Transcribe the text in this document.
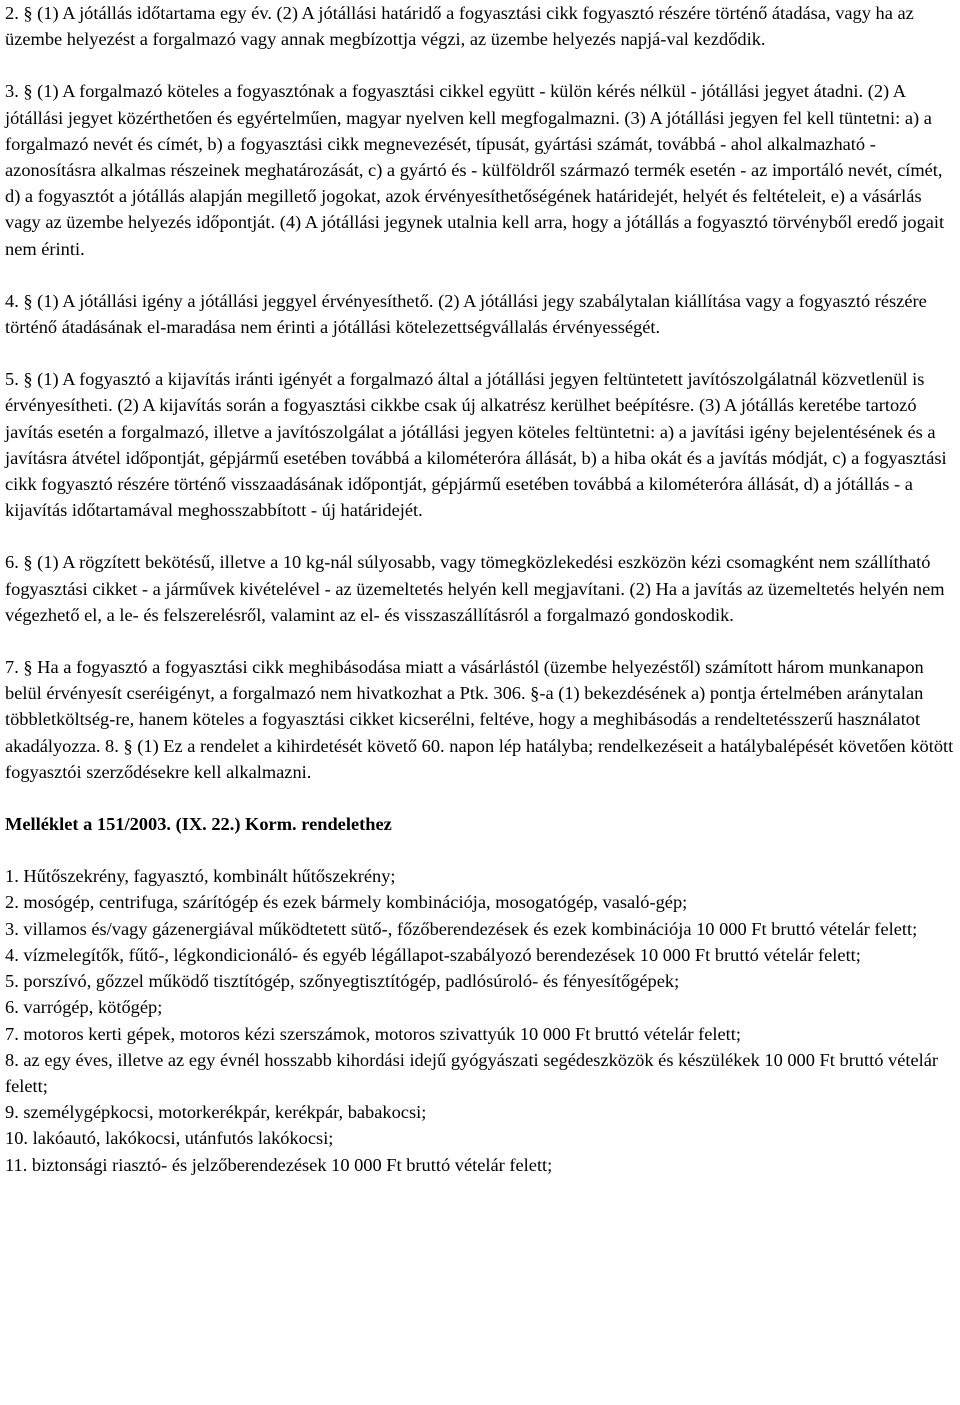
2. § (1) A jótállás időtartama egy év. (2) A jótállási határidő a fogyasztási cikk fogyasztó részére történő átadása, vagy ha az üzembe helyezést a forgalmazó vagy annak megbízottja végzi, az üzembe helyezés napjá-val kezdődik.

3. § (1) A forgalmazó köteles a fogyasztónak a fogyasztási cikkel együtt - külön kérés nélkül - jótállási jegyet átadni. (2) A jótállási jegyet közérthetően és egyértelműen, magyar nyelven kell megfogalmazni. (3) A jótállási jegyen fel kell tüntetni: a) a forgalmazó nevét és címét, b) a fogyasztási cikk megnevezését, típusát, gyártási számát, továbbá - ahol alkalmazható - azonosításra alkalmas részeinek meghatározását, c) a gyártó és - külföldről származó termék esetén - az importáló nevét, címét, d) a fogyasztót a jótállás alapján megillető jogokat, azok érvényesíthetőségének határidejét, helyét és feltételeit, e) a vásárlás vagy az üzembe helyezés időpontját. (4) A jótállási jegynek utalnia kell arra, hogy a jótállás a fogyasztó törvényből eredő jogait nem érinti.

4. § (1) A jótállási igény a jótállási jeggyel érvényesíthető. (2) A jótállási jegy szabálytalan kiállítása vagy a fogyasztó részére történő átadásának el-maradása nem érinti a jótállási kötelezettségvállalás érvényességét.

5. § (1) A fogyasztó a kijavítás iránti igényét a forgalmazó által a jótállási jegyen feltüntetett javítószolgálatnál közvetlenül is érvényesítheti. (2) A kijavítás során a fogyasztási cikkbe csak új alkatrész kerülhet beépítésre. (3) A jótállás keretébe tartozó javítás esetén a forgalmazó, illetve a javítószolgálat a jótállási jegyen köteles feltüntetni: a) a javítási igény bejelentésének és a javításra átvétel időpontját, gépjármű esetében továbbá a kilométeróra állását, b) a hiba okát és a javítás módját, c) a fogyasztási cikk fogyasztó részére történő visszaadásának időpontját, gépjármű esetében továbbá a kilométeróra állását, d) a jótállás - a kijavítás időtartamával meghosszabbított - új határidejét.

6. § (1) A rögzített bekötésű, illetve a 10 kg-nál súlyosabb, vagy tömegközlekedési eszközön kézi csomagként nem szállítható fogyasztási cikket - a járművek kivételével - az üzemeltetés helyén kell megjavítani. (2) Ha a javítás az üzemeltetés helyén nem végezhető el, a le- és felszerelésről, valamint az el- és visszaszállításról a forgalmazó gondoskodik.

7. § Ha a fogyasztó a fogyasztási cikk meghibásodása miatt a vásárlástól (üzembe helyezéstől) számított három munkanapon belül érvényesít cseréigényt, a forgalmazó nem hivatkozhat a Ptk. 306. §-a (1) bekezdésének a) pontja értelmében aránytalan többletköltség-re, hanem köteles a fogyasztási cikket kicserélni, feltéve, hogy a meghibásodás a rendeltetésszerű használatot akadályozza. 8. § (1) Ez a rendelet a kihirdetését követő 60. napon lép hatályba; rendelkezéseit a hatálybalépését követően kötött fogyasztói szerződésekre kell alkalmazni.

Melléklet a 151/2003. (IX. 22.) Korm. rendelethez

1. Hűtőszekrény, fagyasztó, kombinált hűtőszekrény;
2. mosógép, centrifuga, szárítógép és ezek bármely kombinációja, mosogatógép, vasaló-gép;
3. villamos és/vagy gázenergiával működtetett sütő-, főzőberendezések és ezek kombinációja 10 000 Ft bruttó vételár felett;
4. vízmelegítők, fűtő-, légkondicionáló- és egyéb légállapot-szabályozó berendezések 10 000 Ft bruttó vételár felett;
5. porszívó, gőzzel működő tisztítógép, szőnyegtisztítógép, padlósúroló- és fényesítőgépek;
6. varrógép, kötőgép;
7. motoros kerti gépek, motoros kézi szerszámok, motoros szivattyúk 10 000 Ft bruttó vételár felett;
8. az egy éves, illetve az egy évnél hosszabb kihordási idejű gyógyászati segédeszközök és készülékek 10 000 Ft bruttó vételár felett;
9. személygépkocsi, motorkerékpár, kerékpár, babakocsi;
10. lakóautó, lakókocsi, utánfutós lakókocsi;
11. biztonsági riasztó- és jelzőberendezések 10 000 Ft bruttó vételár felett;
